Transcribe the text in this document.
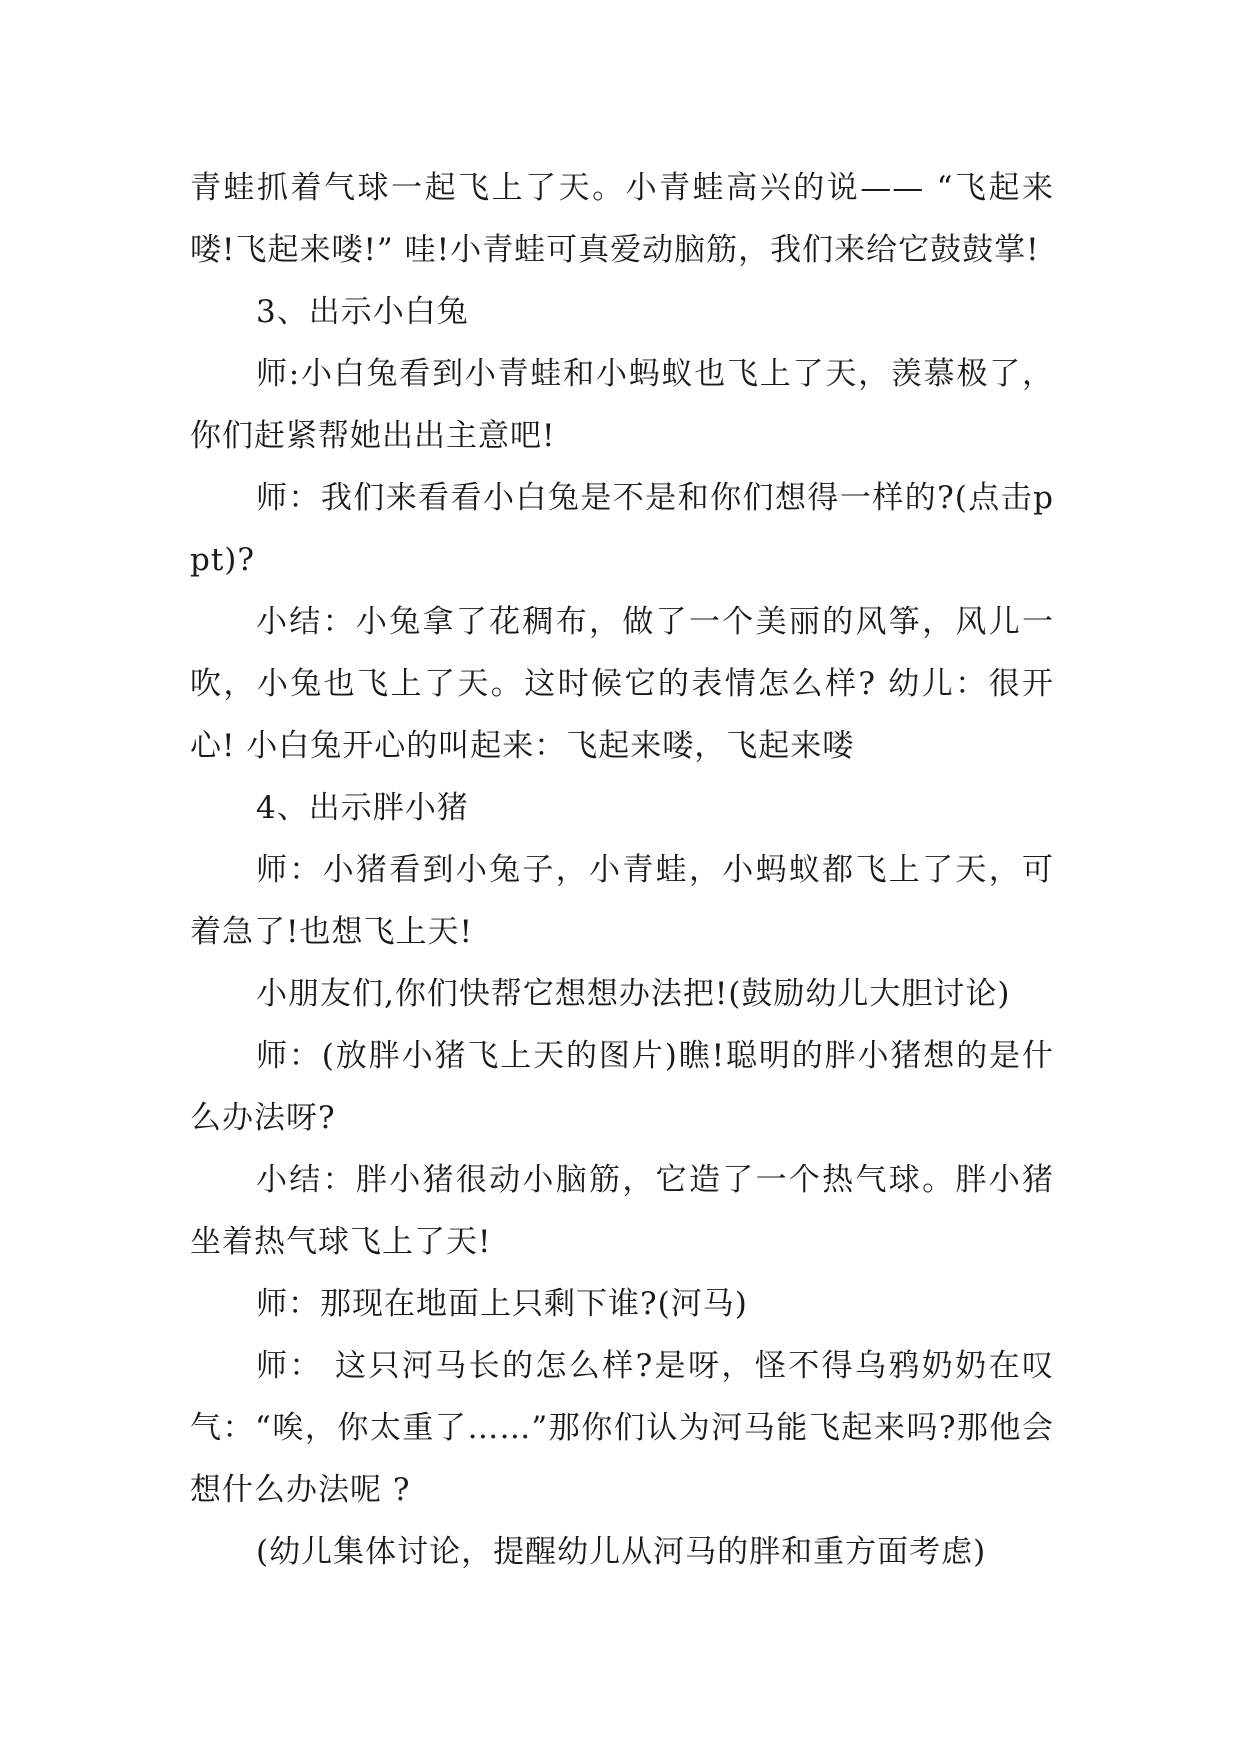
青蛙抓着气球一起飞上了天。小青蛙高兴的说—— “飞起来喽!飞起来喽!” 哇!小青蛙可真爱动脑筋，我们来给它鼓鼓掌!

3、出示小白兔

师:小白兔看到小青蛙和小蚂蚁也飞上了天，羡慕极了，你们赶紧帮她出出主意吧!

师：我们来看看小白兔是不是和你们想得一样的?(点击ppt)?

小结：小兔拿了花稠布，做了一个美丽的风筝，风儿一吹，小兔也飞上了天。这时候它的表情怎么样? 幼儿：很开心! 小白兔开心的叫起来：飞起来喽，飞起来喽

4、出示胖小猪

师：小猪看到小兔子，小青蛙，小蚂蚁都飞上了天，可着急了!也想飞上天!

小朋友们,你们快帮它想想办法把!(鼓励幼儿大胆讨论)

师：(放胖小猪飞上天的图片)瞧!聪明的胖小猪想的是什么办法呀?

小结：胖小猪很动小脑筋，它造了一个热气球。胖小猪坐着热气球飞上了天!

师：那现在地面上只剩下谁?(河马)

师： 这只河马长的怎么样?是呀，怪不得乌鸦奶奶在叹气：“唉，你太重了……”那你们认为河马能飞起来吗?那他会想什么办法呢 ?

(幼儿集体讨论，提醒幼儿从河马的胖和重方面考虑)
